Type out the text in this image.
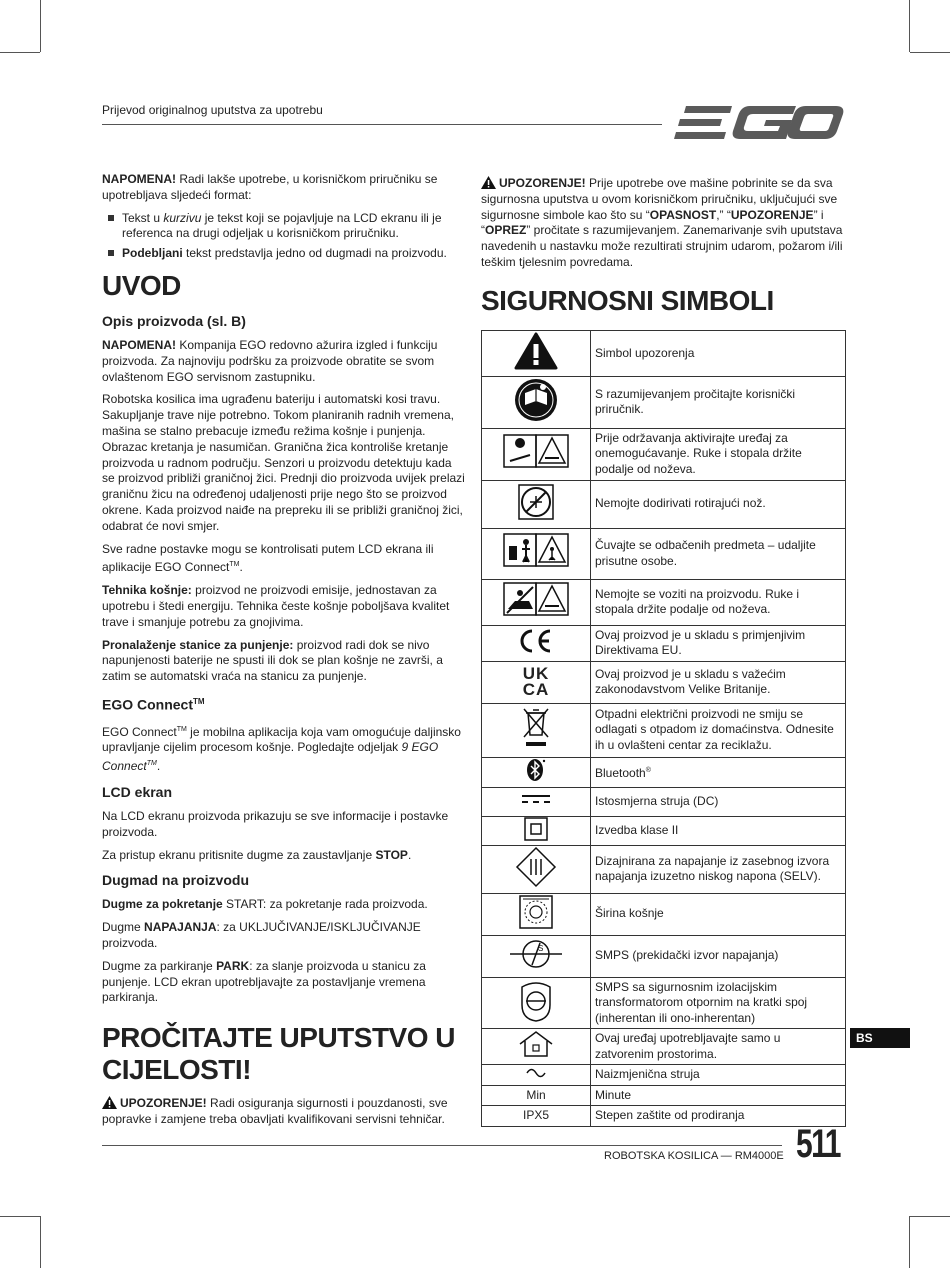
Prijevod originalnog uputstva za upotrebu

NAPOMENA! Radi lakše upotrebe, u korisničkom priručniku se upotrebljava sljedeći format:

Tekst u kurzivu je tekst koji se pojavljuje na LCD ekranu ili je referenca na drugi odjeljak u korisničkom priručniku.
Podebljani tekst predstavlja jedno od dugmadi na proizvodu.
UVOD
Opis proizvoda (sl. B)

NAPOMENA! Kompanija EGO redovno ažurira izgled i funkciju proizvoda. Za najnoviju podršku za proizvode obratite se svom ovlaštenom EGO servisnom zastupniku.

Robotska kosilica ima ugrađenu bateriju i automatski kosi travu. Sakupljanje trave nije potrebno. Tokom planiranih radnih vremena, mašina se stalno prebacuje između režima košnje i punjenja. Obrazac kretanja je nasumičan. Granična žica kontroliše kretanje proizvoda u radnom području. Senzori u proizvodu detektuju kada se proizvod približi graničnoj žici. Prednji dio proizvoda uvijek prelazi graničnu žicu na određenoj udaljenosti prije nego što se proizvod okrene. Kada proizvod naiđe na prepreku ili se približi graničnoj žici, odabrat će novi smjer.

Sve radne postavke mogu se kontrolisati putem LCD ekrana ili aplikacije EGO Connect™.

Tehnika košnje: proizvod ne proizvodi emisije, jednostavan za upotrebu i štedi energiju. Tehnika česte košnje poboljšava kvalitet trave i smanjuje potrebu za gnojivima.

Pronalaženje stanice za punjenje: proizvod radi dok se nivo napunjenosti baterije ne spusti ili dok se plan košnje ne završi, a zatim se automatski vraća na stanicu za punjenje.

EGO Connect™

EGO Connect™ je mobilna aplikacija koja vam omogućuje daljinsko upravljanje cijelim procesom košnje. Pogledajte odjeljak 9 EGO Connect™.

LCD ekran

Na LCD ekranu proizvoda prikazuju se sve informacije i postavke proizvoda.

Za pristup ekranu pritisnite dugme za zaustavljanje STOP.

Dugmad na proizvodu

Dugme za pokretanje START: za pokretanje rada proizvoda.

Dugme NAPAJANJA: za UKLJUČIVANJE/ISKLJUČIVANJE proizvoda.

Dugme za parkiranje PARK: za slanje proizvoda u stanicu za punjenje. LCD ekran upotrebljavajte za postavljanje vremena parkiranja.

PROČITAJTE UPUTSTVO U CIJELOSTI!

UPOZORENJE! Radi osiguranja sigurnosti i pouzdanosti, sve popravke i zamjene treba obavljati kvalifikovani servisni tehničar.

UPOZORENJE! Prije upotrebe ove mašine pobrinite se da sva sigurnosna uputstva u ovom korisničkom priručniku, uključujući sve sigurnosne simbole kao što su “OPASNOST,” “UPOZORENJE” i “OPREZ” pročitate s razumijevanjem. Zanemarivanje svih uputstava navedenih u nastavku može rezultirati strujnim udarom, požarom i/ili teškim tjelesnim povredama.

SIGURNOSNI SIMBOLI
	Simbol upozorenja
	S razumijevanjem pročitajte korisnički priručnik.
	Prije održavanja aktivirajte uređaj za onemogućavanje. Ruke i stopala držite podalje od noževa.
	Nemojte dodirivati rotirajući nož.
	Čuvajte se odbačenih predmeta – udaljite prisutne osobe.
	Nemojte se voziti na proizvodu. Ruke i stopala držite podalje od noževa.
	Ovaj proizvod je u skladu s primjenjivim Direktivama EU.

UK
CA	Ovaj proizvod je u skladu s važećim zakonodavstvom Velike Britanije.
	Otpadni električni proizvodi ne smiju se odlagati s otpadom iz domaćinstva. Odnesite ih u ovlašteni centar za reciklažu.
	Bluetooth®
	Istosmjerna struja (DC)
	Izvedba klase II
	Dizajnirana za napajanje iz zasebnog izvora napajanja izuzetno niskog napona (SELV).
	Širina košnje

S	SMPS (prekidački izvor napajanja)
	SMPS sa sigurnosnim izolacijskim transformatorom otpornim na kratki spoj (inherentan ili ono-inherentan)
	Ovaj uređaj upotrebljavajte samo u zatvorenim prostorima.
	Naizmjenična struja
Min	Minute
IPX5	Stepen zaštite od prodiranja
BS
ROBOTSKA KOSILICA — RM4000E 511
